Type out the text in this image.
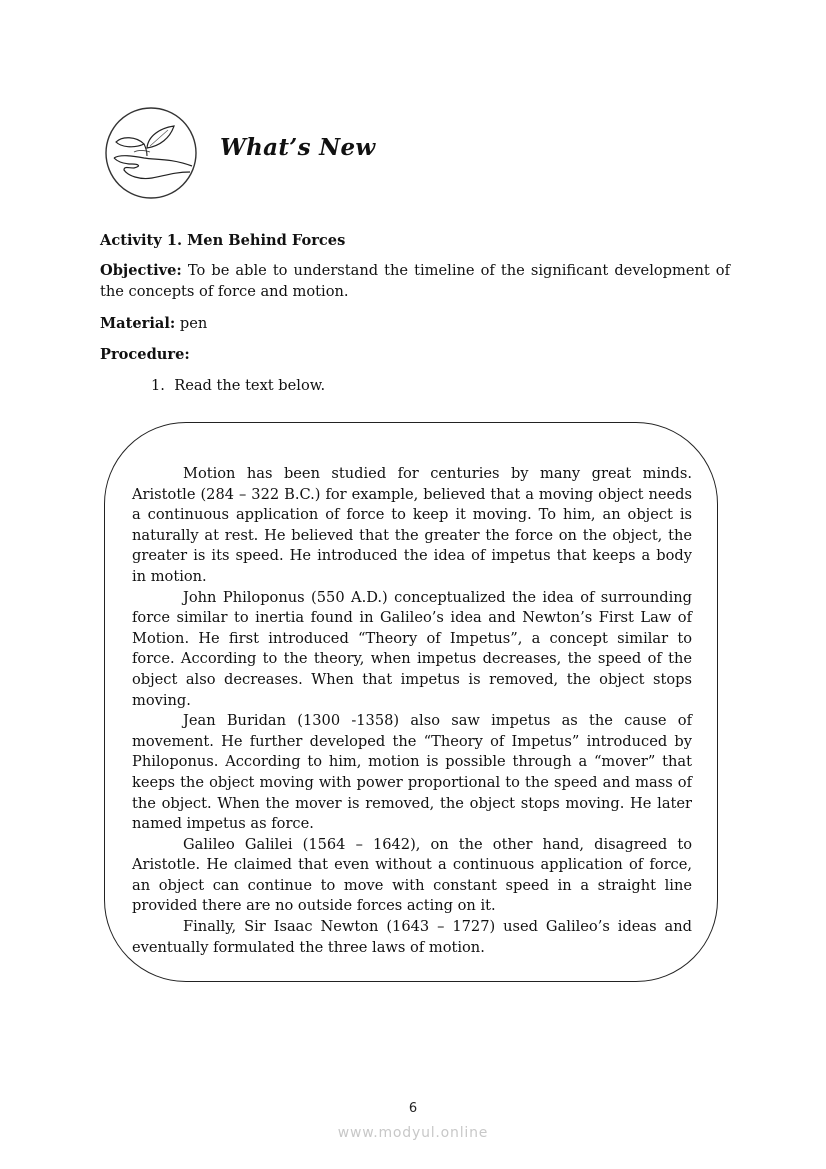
What’s New
Activity 1. Men Behind Forces
Objective: To be able to understand the timeline of the significant development of the concepts of force and motion.
Material: pen
Procedure:
1. Read the text below.

Motion has been studied for centuries by many great minds. Aristotle (284 – 322 B.C.) for example, believed that a moving object needs a continuous application of force to keep it moving. To him, an object is naturally at rest. He believed that the greater the force on the object, the greater is its speed. He introduced the idea of impetus that keeps a body in motion.

John Philoponus (550 A.D.) conceptualized the idea of surrounding force similar to inertia found in Galileo’s idea and Newton’s First Law of Motion. He first introduced “Theory of Impetus”, a concept similar to force. According to the theory, when impetus decreases, the speed of the object also decreases. When that impetus is removed, the object stops moving.

Jean Buridan (1300 -1358) also saw impetus as the cause of movement. He further developed the “Theory of Impetus” introduced by Philoponus. According to him, motion is possible through a “mover” that keeps the object moving with power proportional to the speed and mass of the object. When the mover is removed, the object stops moving. He later named impetus as force.

Galileo Galilei (1564 – 1642), on the other hand, disagreed to Aristotle. He claimed that even without a continuous application of force, an object can continue to move with constant speed in a straight line provided there are no outside forces acting on it.

Finally, Sir Isaac Newton (1643 – 1727) used Galileo’s ideas and eventually formulated the three laws of motion.

6
www.modyul.online
